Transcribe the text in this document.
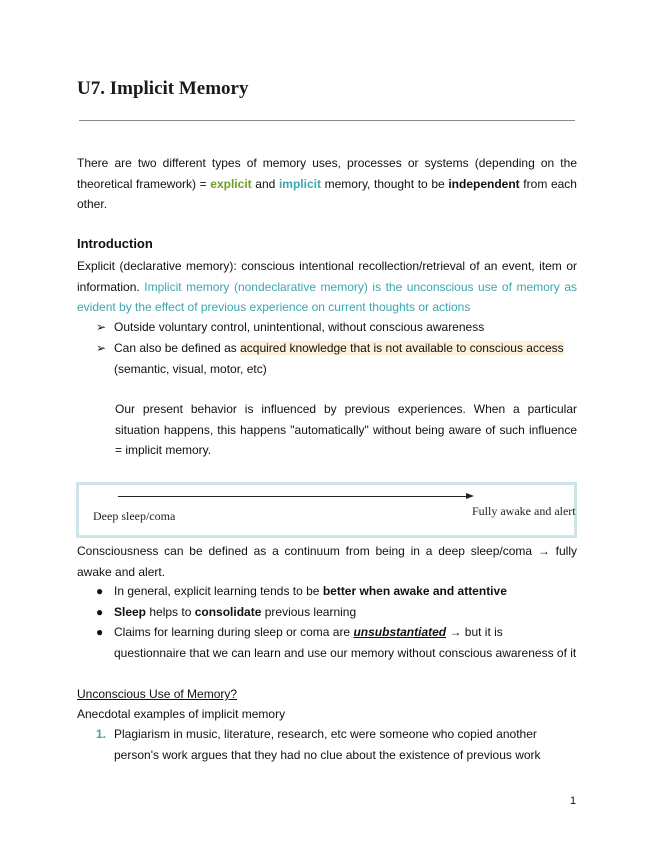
U7. Implicit Memory

There are two different types of memory uses, processes or systems (depending on the theoretical framework) = explicit and implicit memory, thought to be independent from each other.

Introduction

Explicit (declarative memory): conscious intentional recollection/retrieval of an event, item or information. Implicit memory (nondeclarative memory) is the unconscious use of memory as evident by the effect of previous experience on current thoughts or actions

➢ Outside voluntary control, unintentional, without conscious awareness
➢ Can also be defined as acquired knowledge that is not available to conscious access (semantic, visual, motor, etc)

Our present behavior is influenced by previous experiences. When a particular situation happens, this happens "automatically" without being aware of such influence = implicit memory.

Deep sleep/coma	Fully awake and alert

Consciousness can be defined as a continuum from being in a deep sleep/coma → fully awake and alert.

● In general, explicit learning tends to be better when awake and attentive
● Sleep helps to consolidate previous learning
● Claims for learning during sleep or coma are unsubstantiated → but it is questionnaire that we can learn and use our memory without conscious awareness of it

Unconscious Use of Memory?

Anecdotal examples of implicit memory

1. Plagiarism in music, literature, research, etc were someone who copied another person's work argues that they had no clue about the existence of previous work
1
